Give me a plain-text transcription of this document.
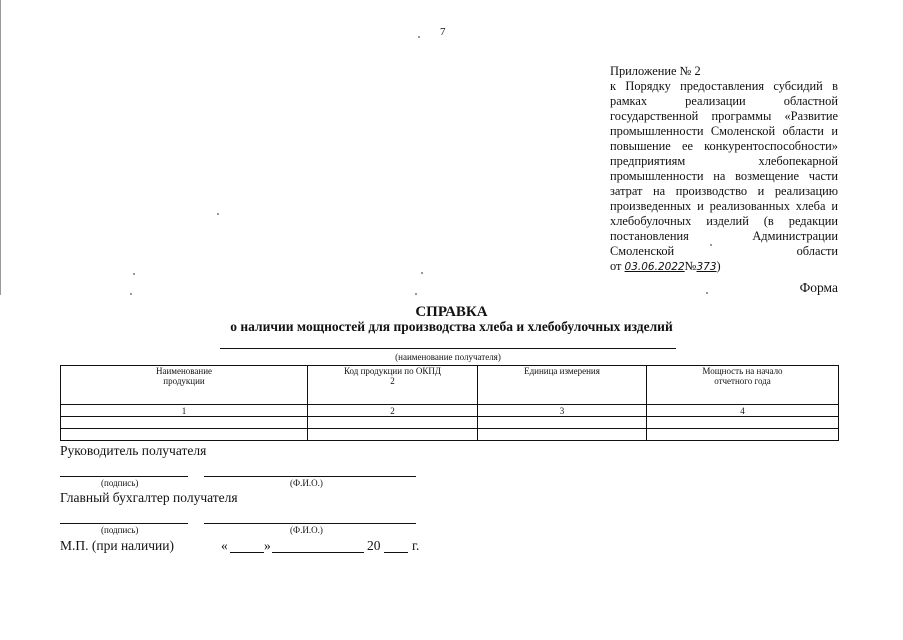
7
Приложение № 2
к Порядку предоставления субсидий в
рамках реализации областной
государственной программы «Развитие
промышленности Смоленской области и
повышение ее конкурентоспособности»
предприятиям хлебопекарной
промышленности на возмещение части
затрат на производство и реализацию
произведенных и реализованных хлеба и
хлебобулочных изделий (в редакции
постановления Администрации
Смоленской области
от 03.06.2022№373)
Форма
СПРАВКА
о наличии мощностей для производства хлеба и хлебобулочных изделий
(наименование получателя)
Наименование продукции	Код продукции по ОКПД 2	Единица измерения	Мощность на начало отчетного года

1	2	3	4

Руководитель получателя
(подпись)	(Ф.И.О.)
Главный бухгалтер получателя
(подпись)	(Ф.И.О.)
М.П. (при наличии)	«	»	20 г.
